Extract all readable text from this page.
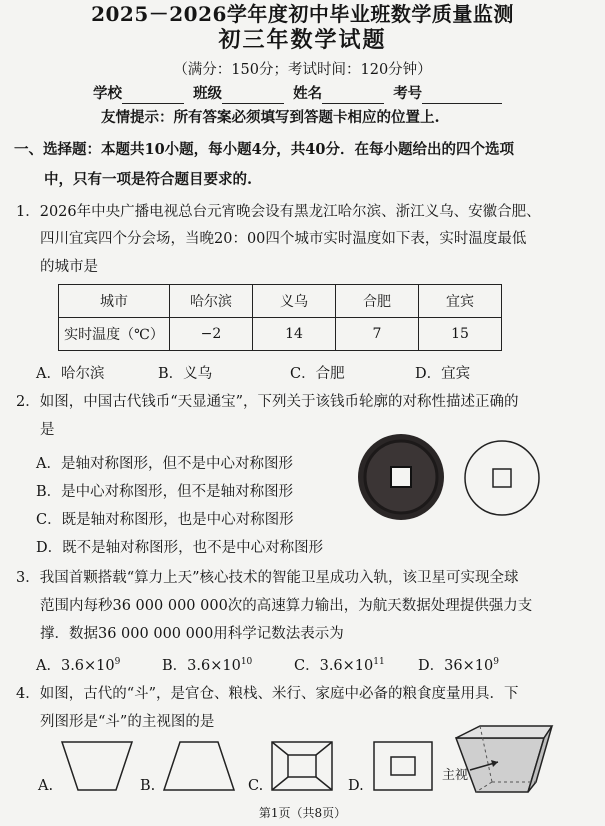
2025－2026学年度初中毕业班数学质量监测
初三年数学试题
（满分：150分；考试时间：120分钟）
学校	班级	姓名	考号
友情提示：所有答案必须填写到答题卡相应的位置上.
一、选择题：本题共10小题，每小题4分，共40分．在每小题给出的四个选项
中，只有一项是符合题目要求的.
1．2026年中央广播电视总台元宵晚会设有黑龙江哈尔滨、浙江义乌、安徽合肥、
四川宜宾四个分会场，当晚20：00四个城市实时温度如下表，实时温度最低
的城市是
城市	哈尔滨	义乌	合肥	宜宾
实时温度（℃）	−2	14	7	15
A．哈尔滨	B．义乌	C．合肥	D．宜宾
2．如图，中国古代钱币“天显通宝”，下列关于该钱币轮廓的对称性描述正确的
是
A．是轴对称图形，但不是中心对称图形
B．是中心对称图形，但不是轴对称图形
C．既是轴对称图形，也是中心对称图形
D．既不是轴对称图形，也不是中心对称图形
3．我国首颗搭载“算力上天”核心技术的智能卫星成功入轨，该卫星可实现全球
范围内每秒36 000 000 000次的高速算力输出，为航天数据处理提供强力支
撑．数据36 000 000 000用科学记数法表示为
A．$3.6\times 10^9$	B．$3.6\times 10^{10}$	C．$3.6\times 10^{11}$ D．$36\times 10^9$
4．如图，古代的“斗”，是官仓、粮栈、米行、家庭中必备的粮食度量用具．下
列图形是“斗”的主视图的是
A.	B.	C.	D.
主视
第1页（共8页）
